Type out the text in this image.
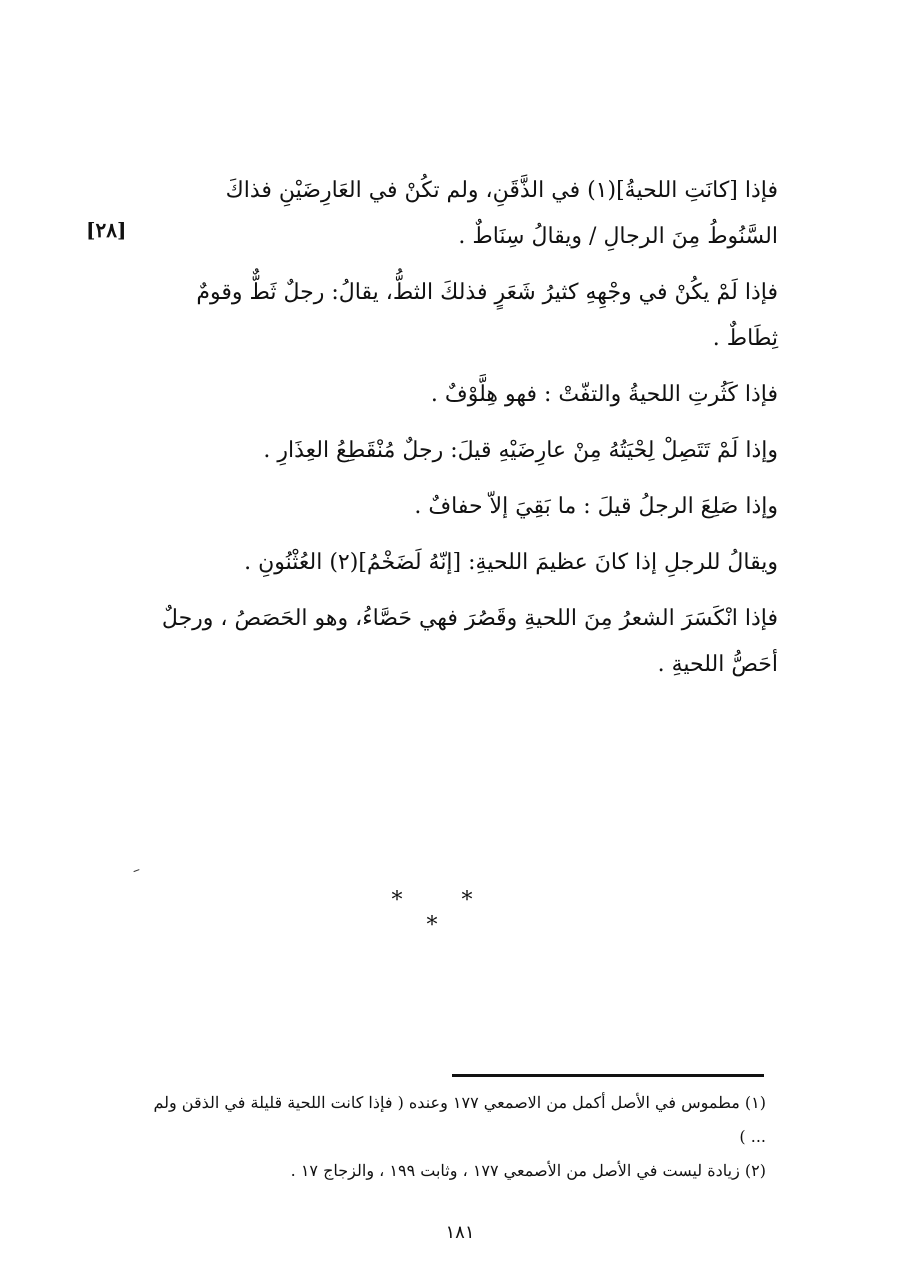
[٢٨]

فإذا [كانَتِ اللحيةُ](١) في الذَّقَنِ، ولم تكُنْ في العَارِضَيْنِ فذاكَ السَّنُوطُ مِنَ الرجالِ / ويقالُ سِنَاطٌ .

فإذا لَمْ يكُنْ في وجْهِهِ كثيرُ شَعَرٍ فذلكَ الثطُّ، يقالُ: رجلٌ ثَطٌّ وقومٌ ثِطَاطٌ .

فإذا كَثُرتِ اللحيةُ والتفّتْ : فهو هِلَّوْفٌ .

وإذا لَمْ تَتَصِلْ لِحْيَتُهُ مِنْ عارِضَيْهِ قيلَ: رجلٌ مُنْقَطِعُ العِذَارِ .

وإذا صَلِعَ الرجلُ قيلَ : ما بَقِيَ إلاّ حفافٌ .

ويقالُ للرجلِ إذا كانَ عظيمَ اللحيةِ: [إنّهُ لَضَخْمُ](٢) العُثْنُونِ .

فإذا انْكَسَرَ الشعرُ مِنَ اللحيةِ وقَصُرَ فهي حَصَّاءُ، وهو الحَصَصُ ، ورجلٌ أحَصُّ اللحيةِ .

* * *

(١) مطموس في الأصل أكمل من الاصمعي ١٧٧ وعنده ( فإذا كانت اللحية قليلة في الذقن ولم ... )

(٢) زيادة ليست في الأصل من الأصمعي ١٧٧ ، وثابت ١٩٩ ، والزجاج ١٧ .

١٨١
